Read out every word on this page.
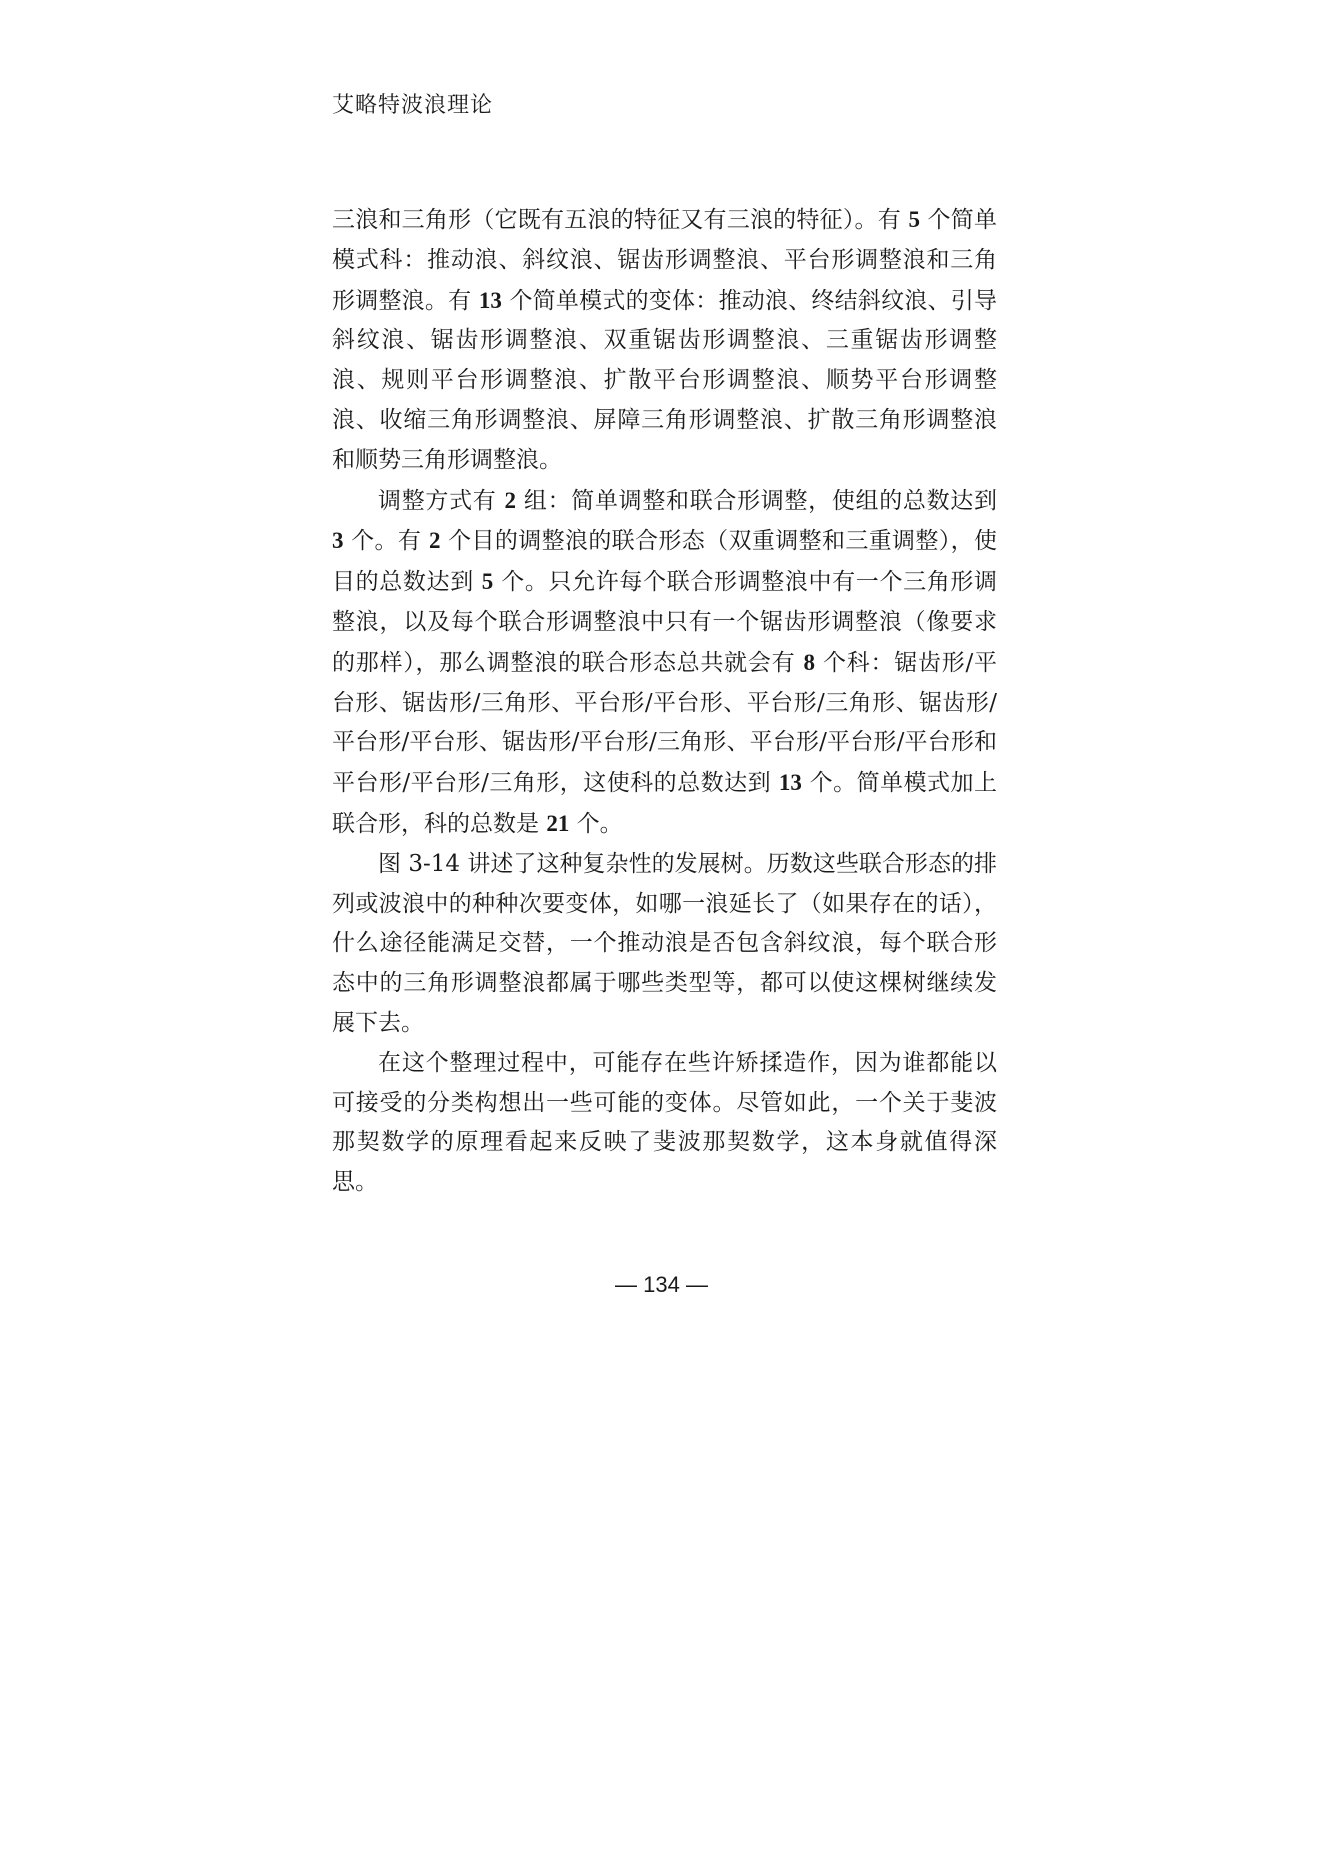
艾略特波浪理论

三浪和三角形（它既有五浪的特征又有三浪的特征）。有 5 个简单模式科：推动浪、斜纹浪、锯齿形调整浪、平台形调整浪和三角形调整浪。有 13 个简单模式的变体：推动浪、终结斜纹浪、引导斜纹浪、锯齿形调整浪、双重锯齿形调整浪、三重锯齿形调整浪、规则平台形调整浪、扩散平台形调整浪、顺势平台形调整浪、收缩三角形调整浪、屏障三角形调整浪、扩散三角形调整浪和顺势三角形调整浪。

调整方式有 2 组：简单调整和联合形调整，使组的总数达到 3 个。有 2 个目的调整浪的联合形态（双重调整和三重调整），使目的总数达到 5 个。只允许每个联合形调整浪中有一个三角形调整浪，以及每个联合形调整浪中只有一个锯齿形调整浪（像要求的那样），那么调整浪的联合形态总共就会有 8 个科：锯齿形/平台形、锯齿形/三角形、平台形/平台形、平台形/三角形、锯齿形/平台形/平台形、锯齿形/平台形/三角形、平台形/平台形/平台形和平台形/平台形/三角形，这使科的总数达到 13 个。简单模式加上联合形，科的总数是 21 个。

图 3-14 讲述了这种复杂性的发展树。历数这些联合形态的排列或波浪中的种种次要变体，如哪一浪延长了（如果存在的话），什么途径能满足交替，一个推动浪是否包含斜纹浪，每个联合形态中的三角形调整浪都属于哪些类型等，都可以使这棵树继续发展下去。

在这个整理过程中，可能存在些许矫揉造作，因为谁都能以可接受的分类构想出一些可能的变体。尽管如此，一个关于斐波那契数学的原理看起来反映了斐波那契数学，这本身就值得深思。

— 134 —
